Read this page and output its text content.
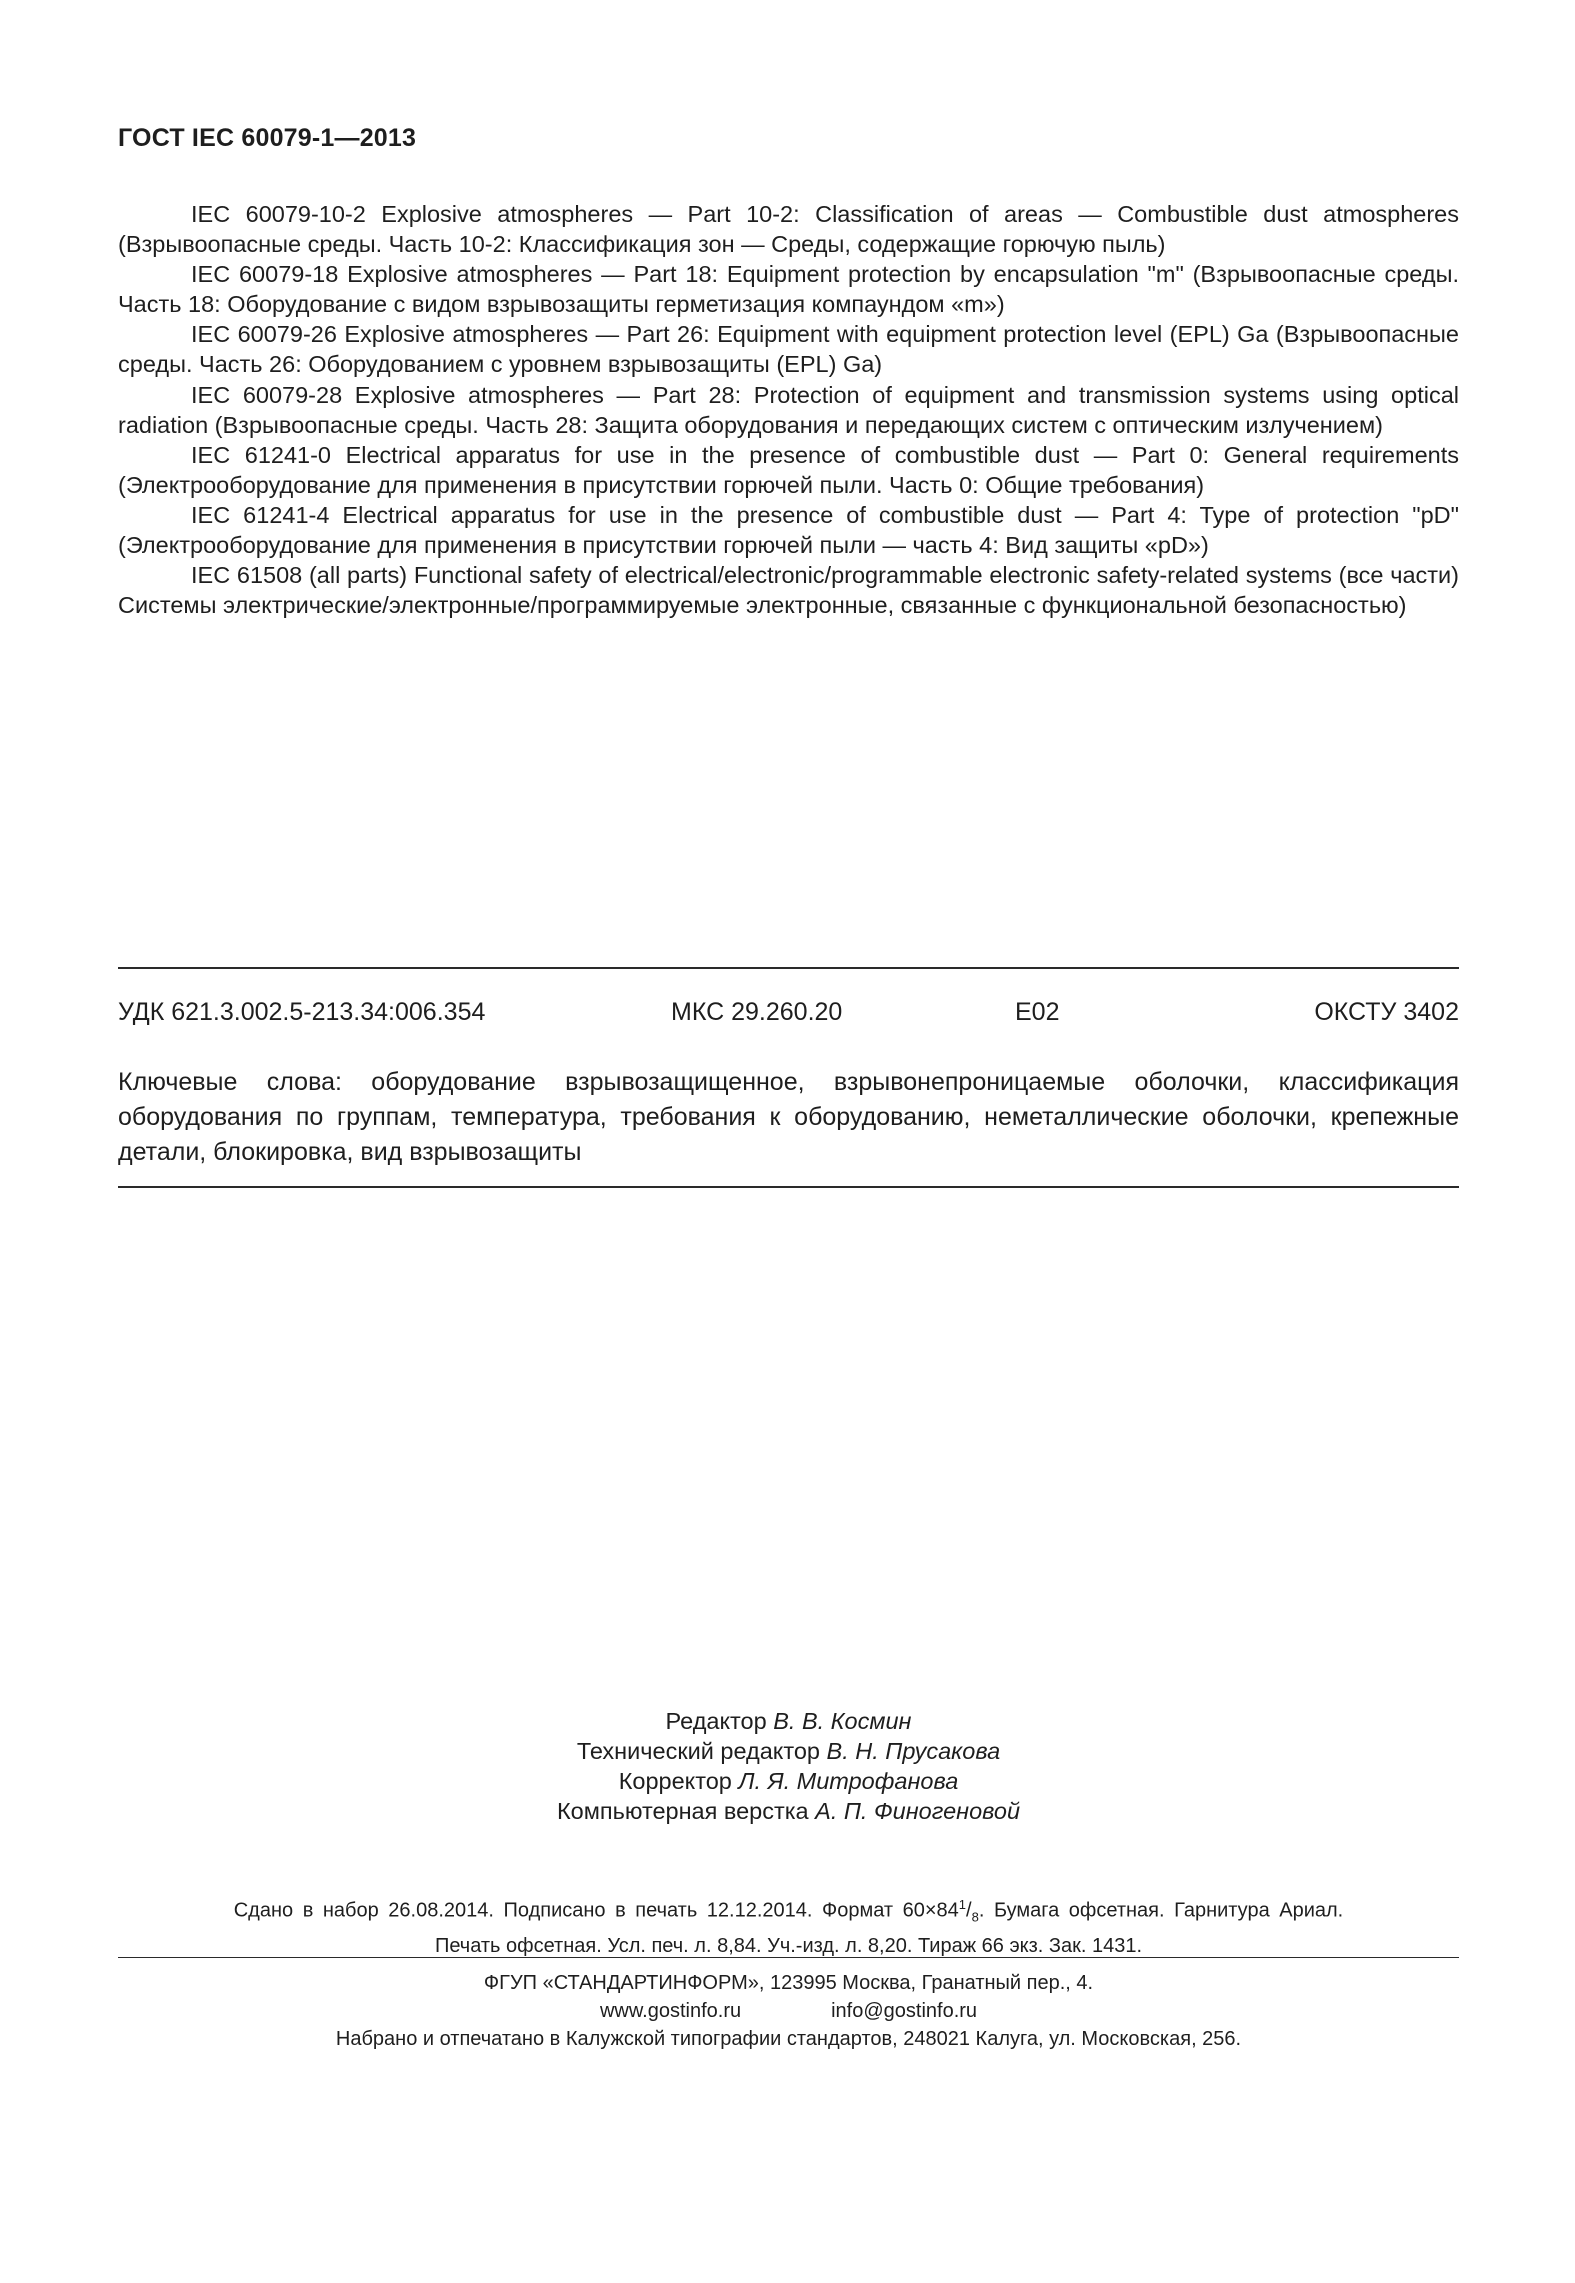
ГОСТ IEC 60079-1—2013

IEC 60079-10-2 Explosive atmospheres — Part 10-2: Classification of areas — Combustible dust atmospheres (Взрывоопасные среды. Часть 10-2: Классификация зон — Среды, содержащие горючую пыль)

IEC 60079-18 Explosive atmospheres — Part 18: Equipment protection by encapsulation "m" (Взрывоопасные среды. Часть 18: Оборудование с видом взрывозащиты герметизация компаундом «m»)

IEC 60079-26 Explosive atmospheres — Part 26: Equipment with equipment protection level (EPL) Ga (Взрывоопасные среды. Часть 26: Оборудованием с уровнем взрывозащиты (EPL) Ga)

IEC 60079-28 Explosive atmospheres — Part 28: Protection of equipment and transmission systems using optical radiation (Взрывоопасные среды. Часть 28: Защита оборудования и передающих систем с оптическим излучением)

IEC 61241-0 Electrical apparatus for use in the presence of combustible dust — Part 0: General requirements (Электрооборудование для применения в присутствии горючей пыли. Часть 0: Общие требования)

IEC 61241-4 Electrical apparatus for use in the presence of combustible dust — Part 4: Type of protection "pD" (Электрооборудование для применения в присутствии горючей пыли — часть 4: Вид защиты «pD»)

IEC 61508 (all parts) Functional safety of electrical/electronic/programmable electronic safety-related systems (все части) Системы электрические/электронные/программируемые электронные, связанные с функциональной безопасностью)

УДК 621.3.002.5-213.34:006.354	МКС 29.260.20	Е02	ОКСТУ 3402

Ключевые слова: оборудование взрывозащищенное, взрывонепроницаемые оболочки, классификация оборудования по группам, температура, требования к оборудованию, неметаллические оболочки, крепежные детали, блокировка, вид взрывозащиты

Редактор В. В. Космин
Технический редактор В. Н. Прусакова
Корректор Л. Я. Митрофанова
Компьютерная верстка А. П. Финогеновой
Сдано в набор 26.08.2014. Подписано в печать 12.12.2014. Формат $60\times 84^1/_8$. Бумага офсетная. Гарнитура Ариал.
Печать офсетная. Усл. печ. л. 8,84. Уч.-изд. л. 8,20. Тираж 66 экз. Зак. 1431.
ФГУП «СТАНДАРТИНФОРМ», 123995 Москва, Гранатный пер., 4.
www.gostinfo.ru	info@gostinfo.ru
Набрано и отпечатано в Калужской типографии стандартов, 248021 Калуга, ул. Московская, 256.
